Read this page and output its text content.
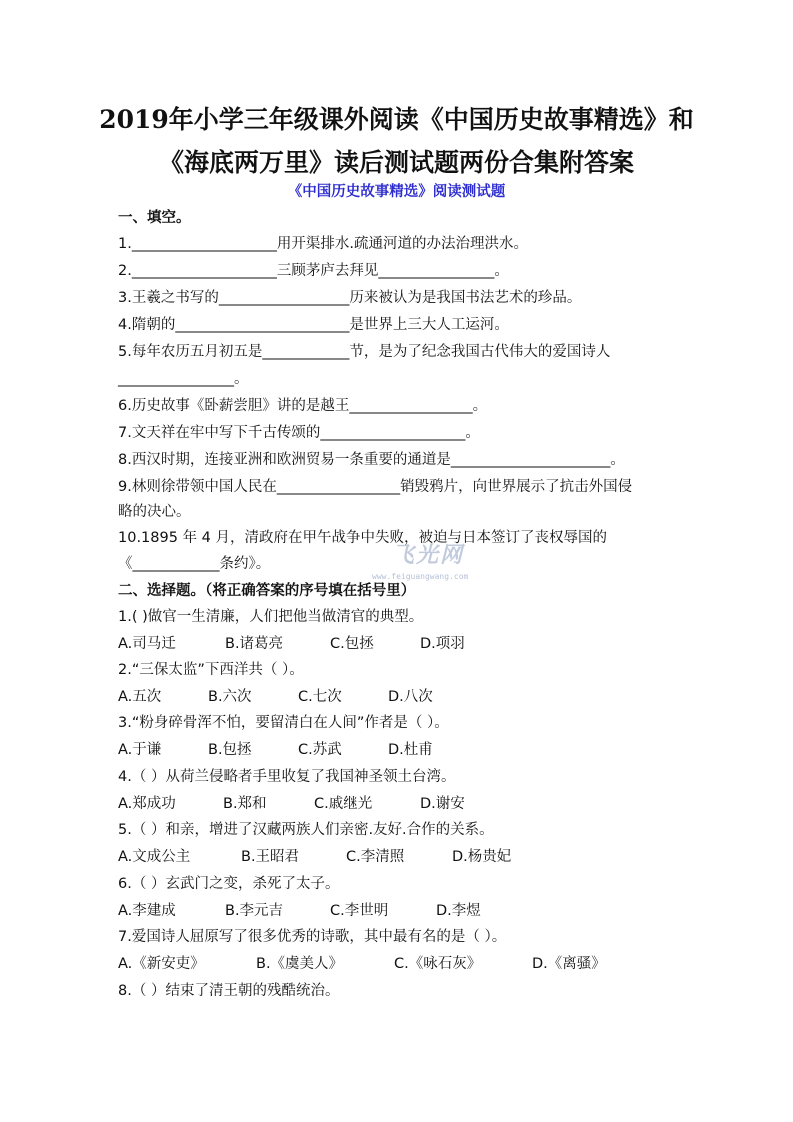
2019年小学三年级课外阅读《中国历史故事精选》和
《海底两万里》读后测试题两份合集附答案
《中国历史故事精选》阅读测试题
一、填空。
1.____________________用开渠排水.疏通河道的办法治理洪水。
2.____________________三顾茅庐去拜见________________。
3.王羲之书写的__________________历来被认为是我国书法艺术的珍品。
4.隋朝的________________________是世界上三大人工运河。
5.每年农历五月初五是____________节，是为了纪念我国古代伟大的爱国诗人
________________。
6.历史故事《卧薪尝胆》讲的是越王_________________。
7.文天祥在牢中写下千古传颂的____________________。
8.西汉时期，连接亚洲和欧洲贸易一条重要的通道是______________________。
9.林则徐带领中国人民在_________________销毁鸦片，向世界展示了抗击外国侵
略的决心。
10.1895 年 4 月，清政府在甲午战争中失败，被迫与日本签订了丧权辱国的
《____________条约》。
二、选择题。（将正确答案的序号填在括号里）
1.( )做官一生清廉，人们把他当做清官的典型。
A.司马迁	B.诸葛亮	C.包拯	D.项羽
2.“三保太监”下西洋共（ ）。
A.五次	B.六次	C.七次	D.八次
3.“粉身碎骨浑不怕，要留清白在人间”作者是（ ）。
A.于谦	B.包拯	C.苏武	D.杜甫
4.（ ）从荷兰侵略者手里收复了我国神圣领土台湾。
A.郑成功	B.郑和	C.戚继光	D.谢安
5.（ ）和亲，增进了汉藏两族人们亲密.友好.合作的关系。
A.文成公主	B.王昭君	C.李清照	D.杨贵妃
6.（ ）玄武门之变，杀死了太子。
A.李建成	B.李元吉	C.李世明	D.李煜
7.爱国诗人屈原写了很多优秀的诗歌，其中最有名的是（ ）。
A.《新安吏》	B.《虞美人》	C.《咏石灰》	D.《离骚》
8.（ ）结束了清王朝的残酷统治。
飞光网
www.feiguangwang.com
